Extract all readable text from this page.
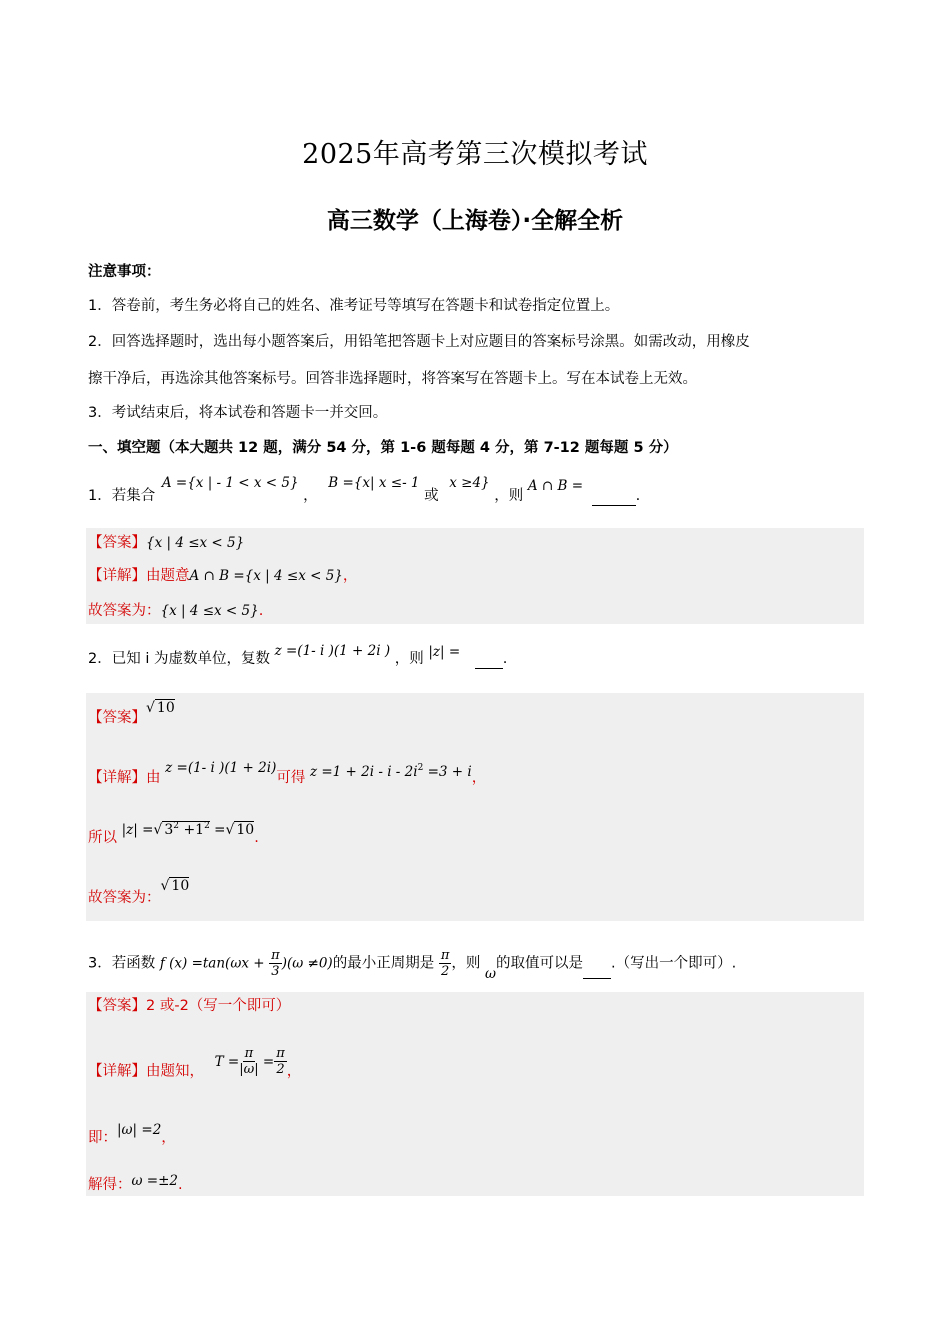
2025年高考第三次模拟考试
高三数学（上海卷）·全解全析
注意事项：
1．答卷前，考生务必将自己的姓名、准考证号等填写在答题卡和试卷指定位置上。
2．回答选择题时，选出每小题答案后，用铅笔把答题卡上对应题目的答案标号涂黑。如需改动，用橡皮
擦干净后，再选涂其他答案标号。回答非选择题时，将答案写在答题卡上。写在本试卷上无效。
3．考试结束后，将本试卷和答题卡一并交回。
一、填空题（本大题共 12 题，满分 54 分，第 1-6 题每题 4 分，第 7-12 题每题 5 分）
1．若集合 A ={x | - 1 < x < 5} ， B ={x| x ≤- 1 或 x ≥4} ，则 A ∩ B = .
【答案】{x | 4 ≤x < 5}
【详解】由题意A ∩ B ={x | 4 ≤x < 5}，
故答案为：{x | 4 ≤x < 5}.
2．已知 i 为虚数单位，复数 z =(1- i )(1 + 2i ) ，则 |z| =	.
【答案】√ 10
【详解】由 z =(1- i )(1 + 2i)可得 $z =1 + 2i - i - 2i^2 =3 + i$，
所以 |z| =√ $3^2 +1^2$ =√ 10.
故答案为：√ 10
3．若函数 f $(x) =\tan(\omega x + \frac{\pi}{3} )(\omega \ne 0)$的最小正周期是 $\frac{\pi}{2}$ ，则 ω的取值可以是 .（写出一个即可）.
【答案】2 或-2（写一个即可）
【详解】由题知， $T = \frac{\pi}{|\omega|} = \frac{\pi}{2}$ ，
即：|ω| =2，
解得：ω =±2.
